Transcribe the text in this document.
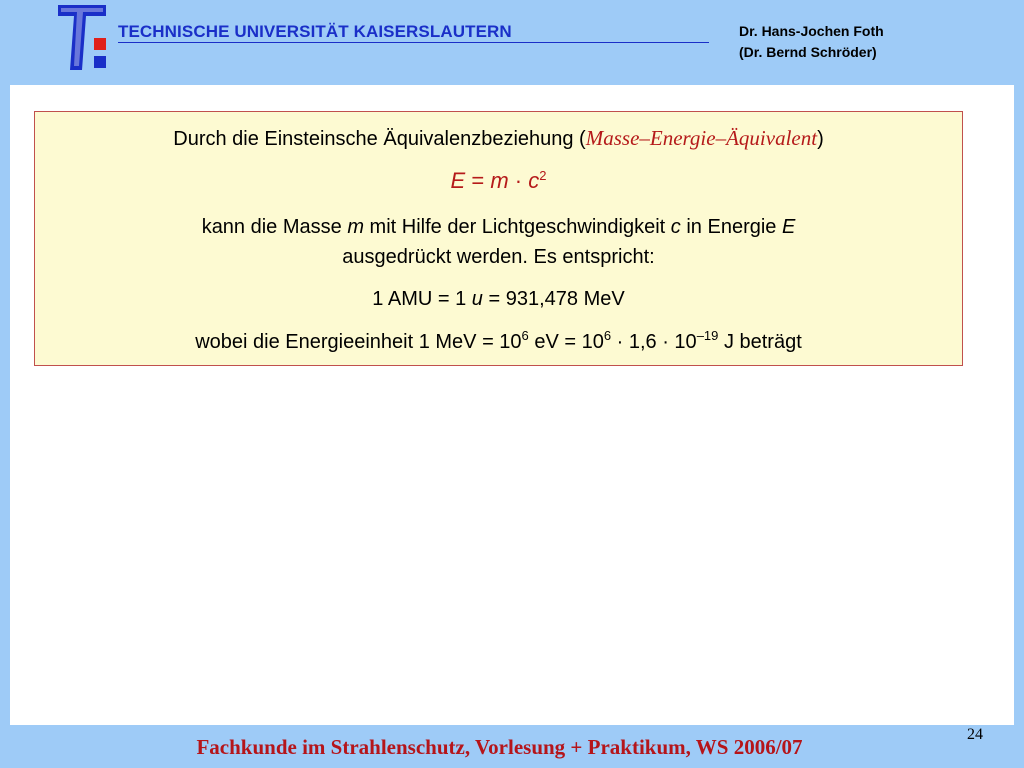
TECHNISCHE UNIVERSITÄT KAISERSLAUTERN	Dr. Hans-Jochen Foth
(Dr. Bernd Schröder)
Durch die Einsteinsche Äquivalenzbeziehung (Masse–Energie–Äquivalent)
$E = m \cdot c^2$
kann die Masse m mit Hilfe der Lichtgeschwindigkeit c in Energie E
ausgedrückt werden. Es entspricht:
1 AMU = 1 u = 931,478 MeV
wobei die Energieeinheit 1 MeV = $10^6$ eV = $10^6 \cdot 1,6 \cdot 10^{-19}$ J beträgt
24
Fachkunde im Strahlenschutz, Vorlesung + Praktikum, WS 2006/07
